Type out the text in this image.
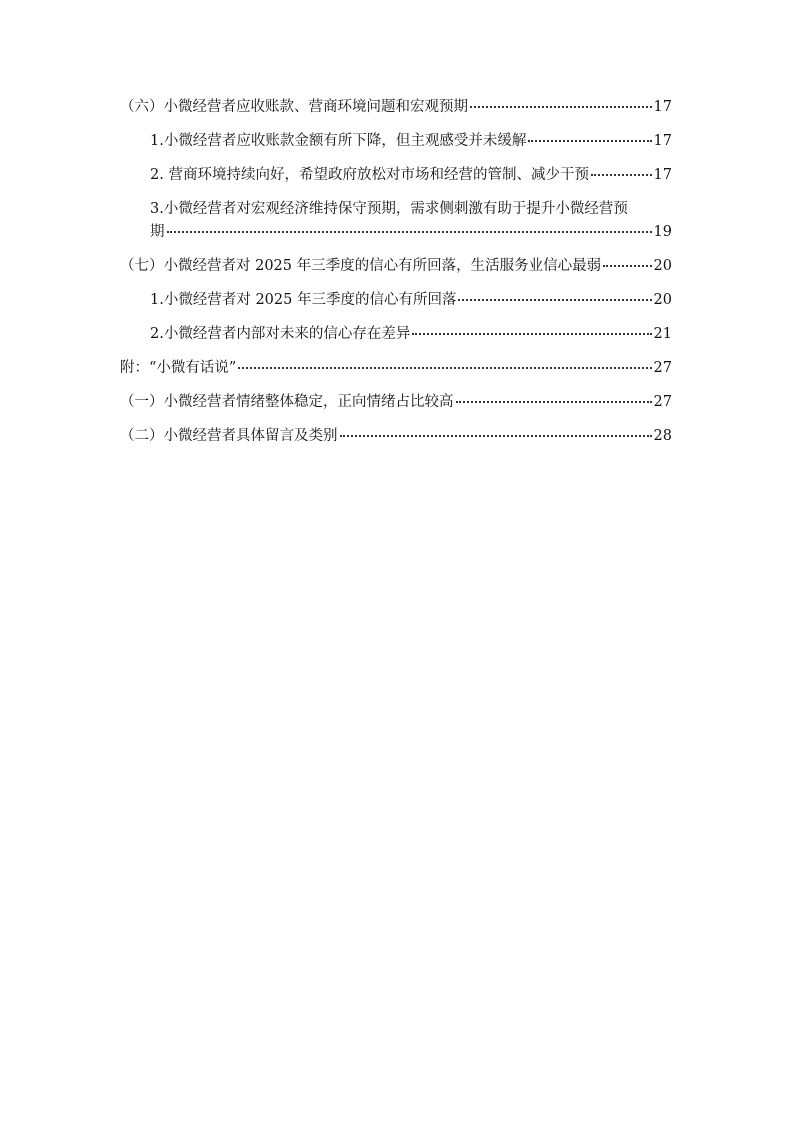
（六）小微经营者应收账款、营商环境问题和宏观预期	17
1.小微经营者应收账款金额有所下降，但主观感受并未缓解	17
2. 营商环境持续向好，希望政府放松对市场和经营的管制、减少干预	17
3.小微经营者对宏观经济维持保守预期，需求侧刺激有助于提升小微经营预
期	19
（七）小微经营者对 2025 年三季度的信心有所回落，生活服务业信心最弱	20
1.小微经营者对 2025 年三季度的信心有所回落	20
2.小微经营者内部对未来的信心存在差异	21
附：“小微有话说”	27
（一）小微经营者情绪整体稳定，正向情绪占比较高	27
（二）小微经营者具体留言及类别	28
